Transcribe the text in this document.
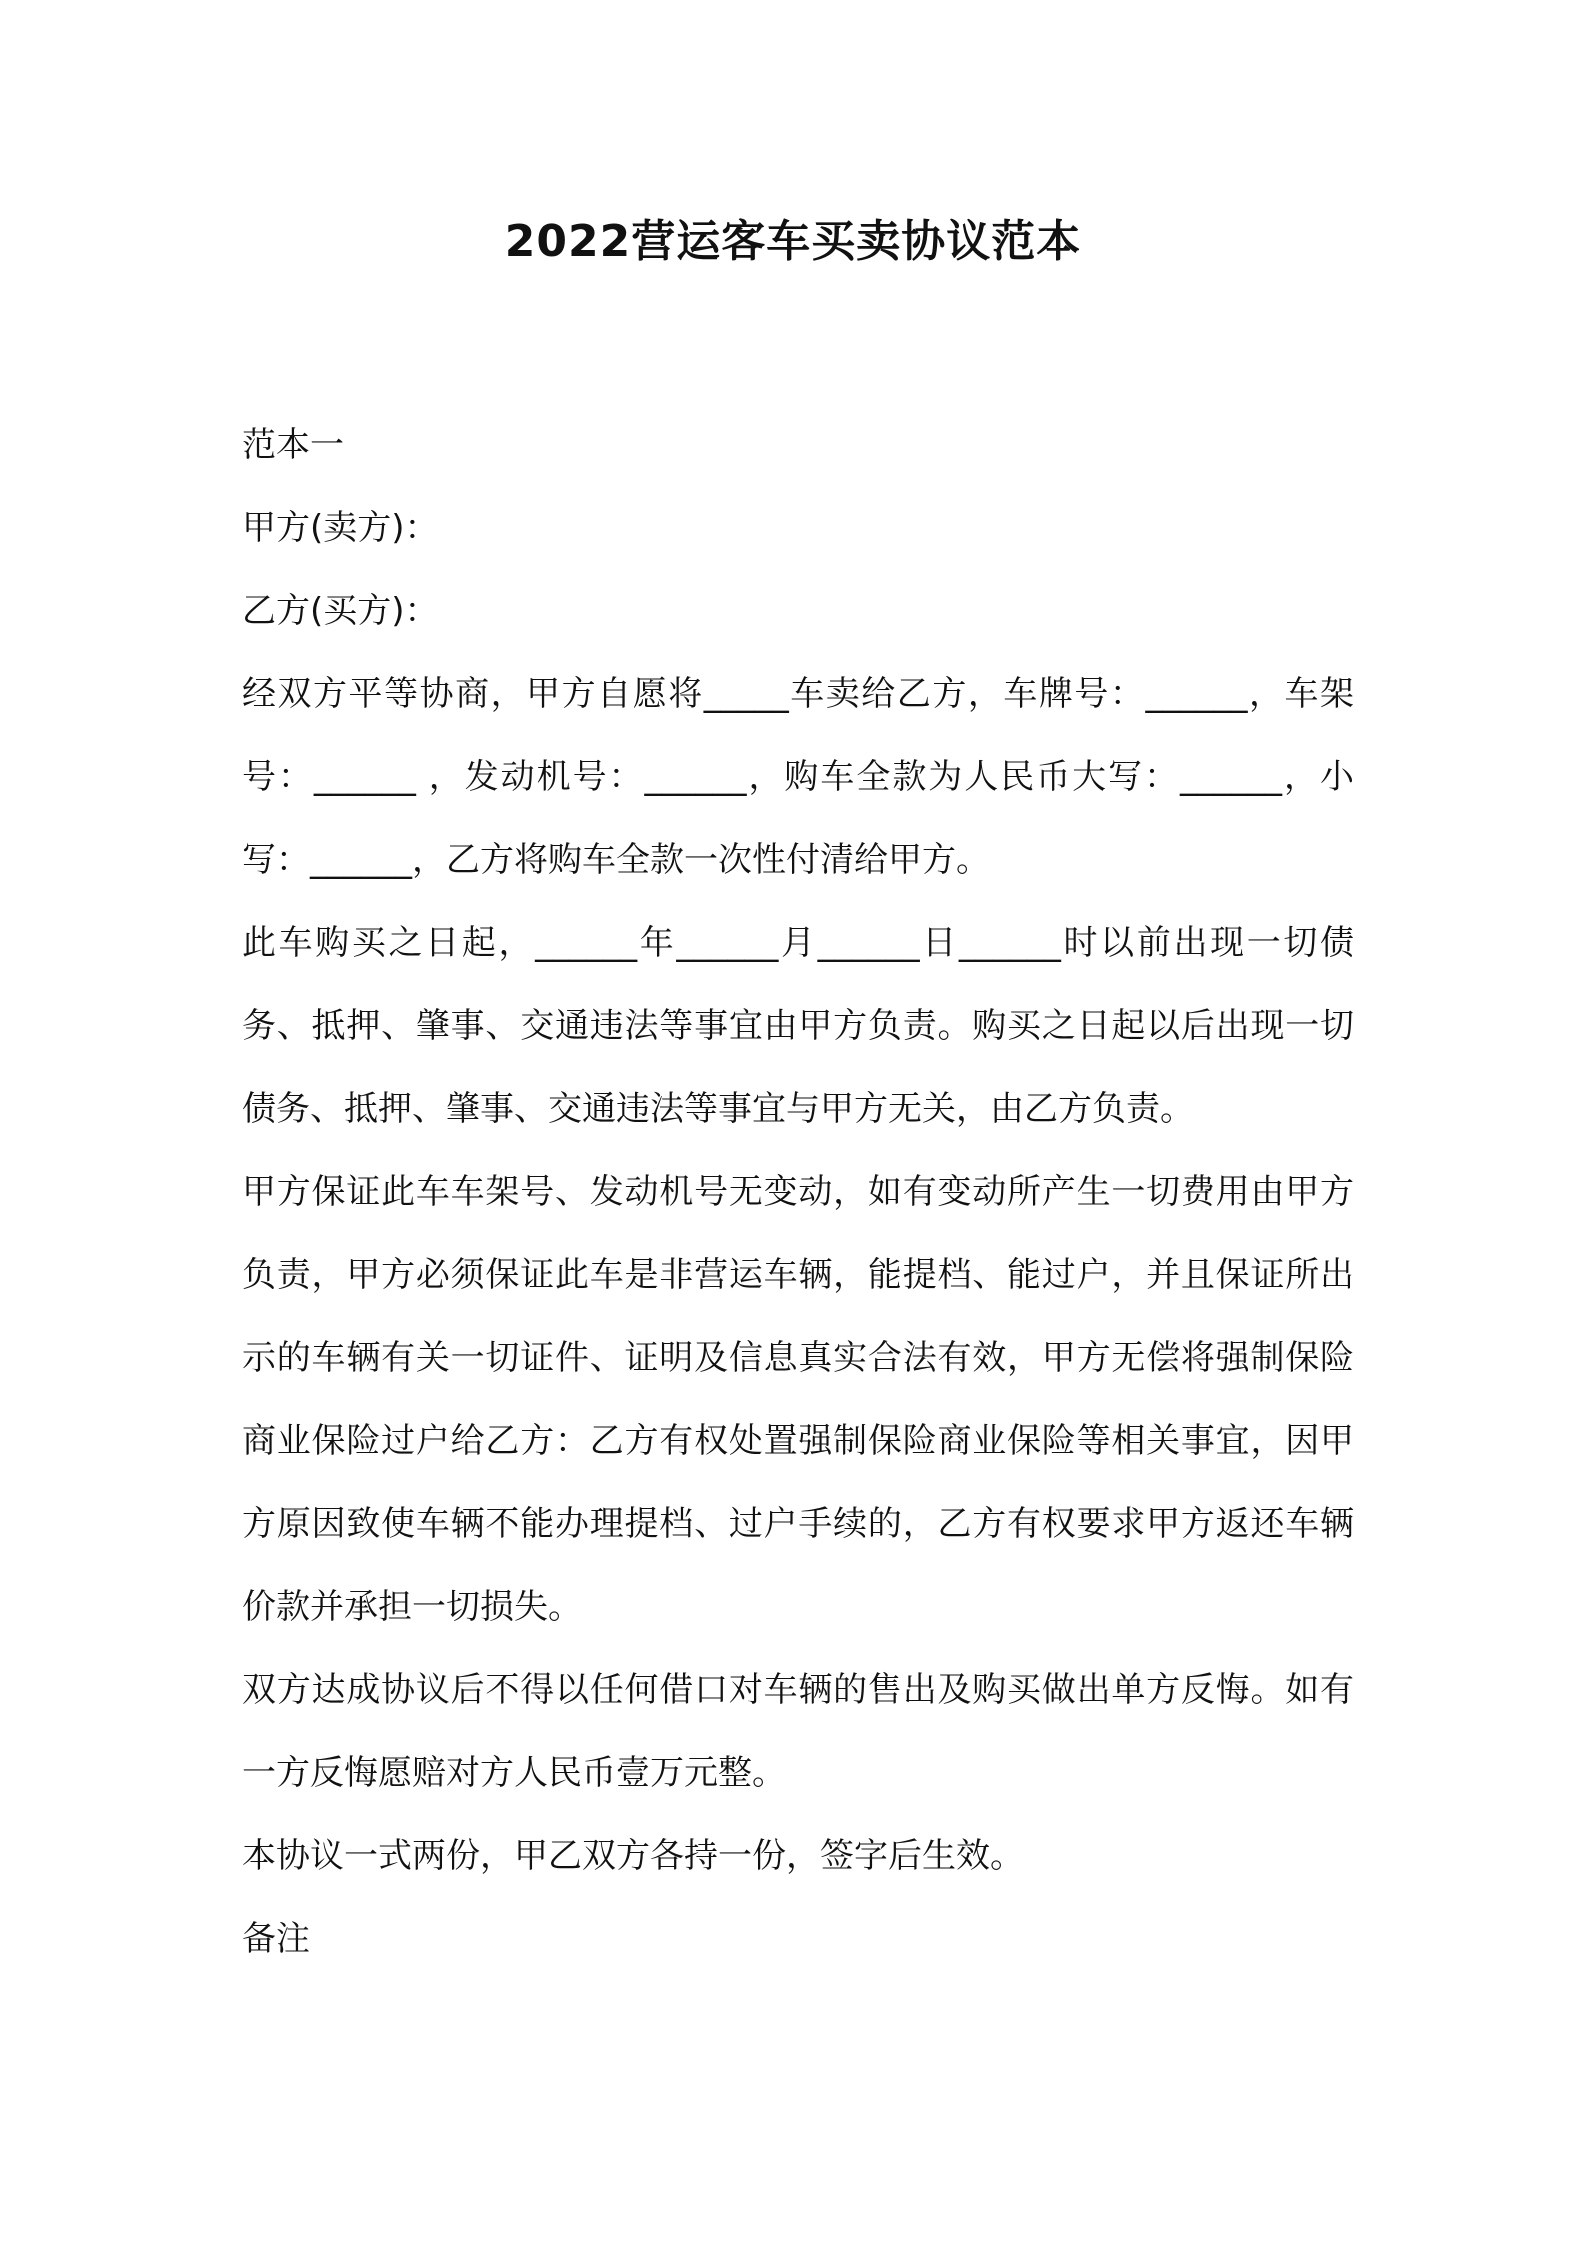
2022营运客车买卖协议范本

范本一

甲方(卖方)：

乙方(买方)：

经双方平等协商，甲方自愿将_____车卖给乙方，车牌号：______，车架号：______ ，发动机号：______，购车全款为人民币大写：______，小写：______，乙方将购车全款一次性付清给甲方。

此车购买之日起，______年______月______日______时以前出现一切债务、抵押、肇事、交通违法等事宜由甲方负责。购买之日起以后出现一切债务、抵押、肇事、交通违法等事宜与甲方无关，由乙方负责。

甲方保证此车车架号、发动机号无变动，如有变动所产生一切费用由甲方负责，甲方必须保证此车是非营运车辆，能提档、能过户，并且保证所出示的车辆有关一切证件、证明及信息真实合法有效，甲方无偿将强制保险商业保险过户给乙方：乙方有权处置强制保险商业保险等相关事宜，因甲方原因致使车辆不能办理提档、过户手续的，乙方有权要求甲方返还车辆价款并承担一切损失。

双方达成协议后不得以任何借口对车辆的售出及购买做出单方反悔。如有一方反悔愿赔对方人民币壹万元整。

本协议一式两份，甲乙双方各持一份，签字后生效。

备注
